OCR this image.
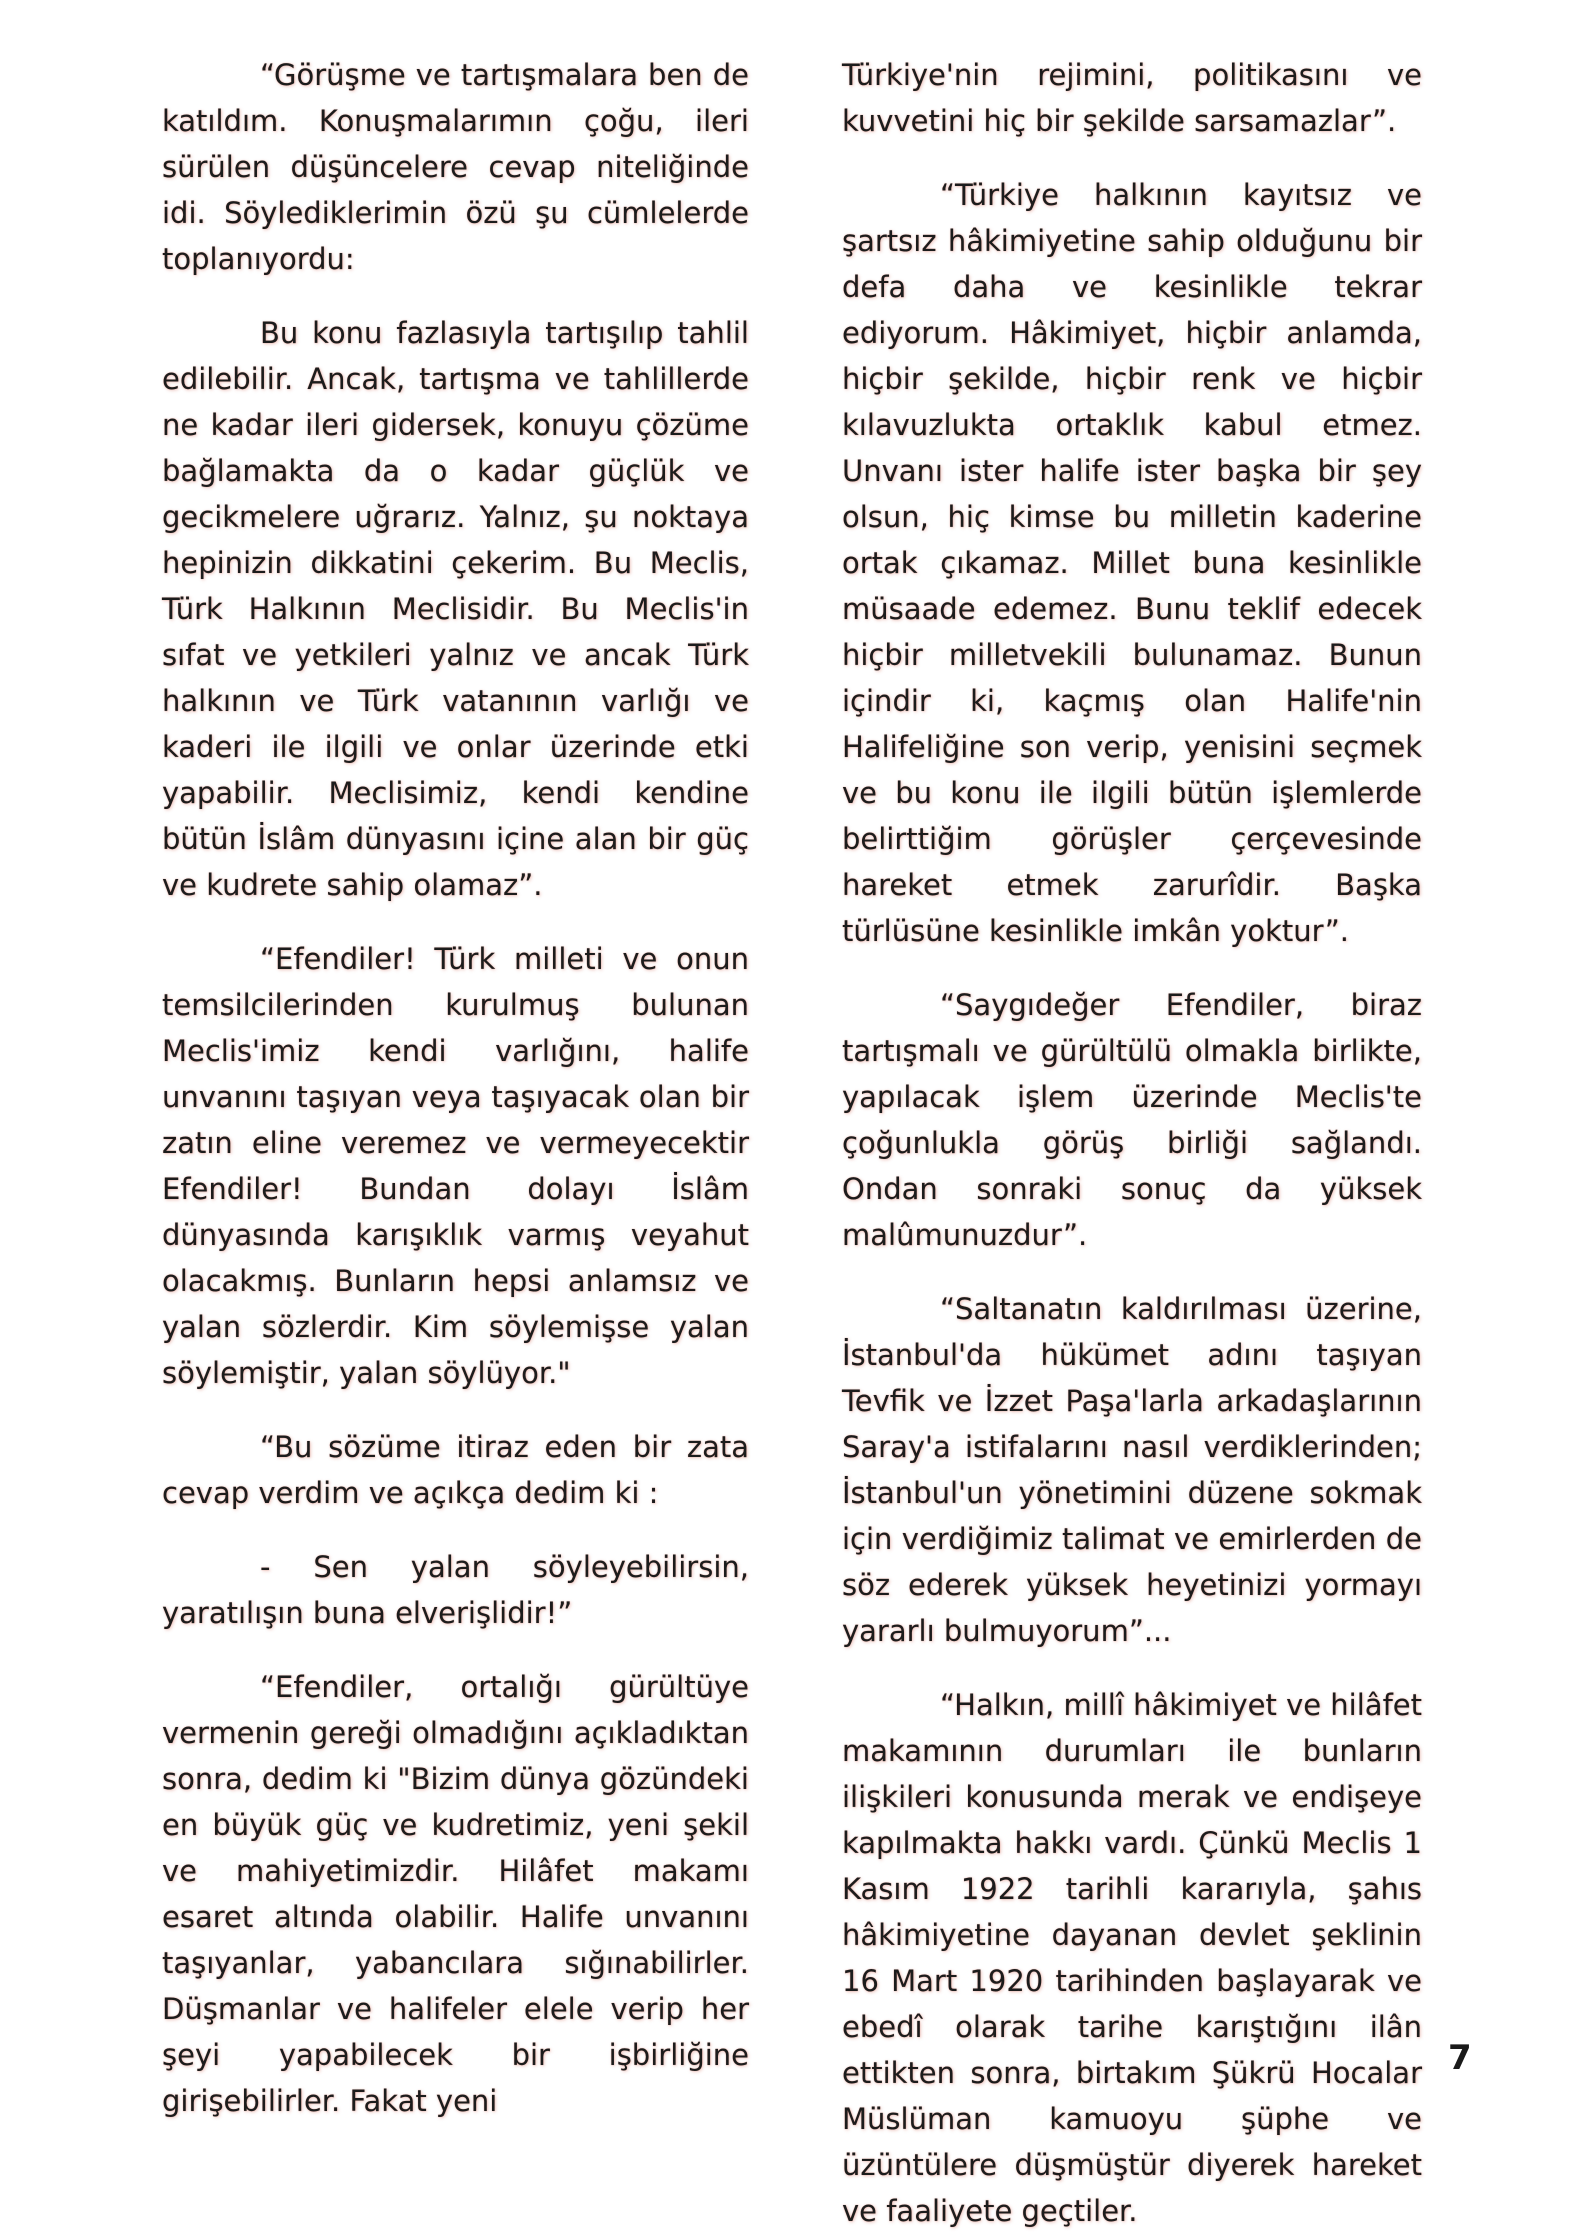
“Görüşme ve tartışmalara ben de katıldım. Konuşmalarımın çoğu, ileri sürülen düşüncelere cevap niteliğinde idi. Söylediklerimin özü şu cümlelerde toplanıyordu:

Bu konu fazlasıyla tartışılıp tahlil edilebilir. Ancak, tartışma ve tahlillerde ne kadar ileri gidersek, konuyu çözüme bağlamakta da o kadar güçlük ve gecikmelere uğrarız. Yalnız, şu noktaya hepinizin dikkatini çekerim. Bu Meclis, Türk Halkının Meclisidir. Bu Meclis'in sıfat ve yetkileri yalnız ve ancak Türk halkının ve Türk vatanının varlığı ve kaderi ile ilgili ve onlar üzerinde etki yapabilir. Meclisimiz, kendi kendine bütün İslâm dünyasını içine alan bir güç ve kudrete sahip olamaz”.

“Efendiler! Türk milleti ve onun temsilcilerinden kurulmuş bulunan Meclis'imiz kendi varlığını, halife unvanını taşıyan veya taşıyacak olan bir zatın eline veremez ve vermeyecektir Efendiler! Bundan dolayı İslâm dünyasında karışıklık varmış veyahut olacakmış. Bunların hepsi anlamsız ve yalan sözlerdir. Kim söylemişse yalan söylemiştir, yalan söylüyor."

“Bu sözüme itiraz eden bir zata cevap verdim ve açıkça dedim ki :

- Sen yalan söyleyebilirsin, yaratılışın buna elverişlidir!”

“Efendiler, ortalığı gürültüye vermenin gereği olmadığını açıkladıktan sonra, dedim ki "Bizim dünya gözündeki en büyük güç ve kudretimiz, yeni şekil ve mahiyetimizdir. Hilâfet makamı esaret altında olabilir. Halife unvanını taşıyanlar, yabancılara sığınabilirler. Düşmanlar ve halifeler elele verip her şeyi yapabilecek bir işbirliğine girişebilirler. Fakat yeni

Türkiye'nin rejimini, politikasını ve kuvvetini hiç bir şekilde sarsamazlar”.

“Türkiye halkının kayıtsız ve şartsız hâkimiyetine sahip olduğunu bir defa daha ve kesinlikle tekrar ediyorum. Hâkimiyet, hiçbir anlamda, hiçbir şekilde, hiçbir renk ve hiçbir kılavuzlukta ortaklık kabul etmez. Unvanı ister halife ister başka bir şey olsun, hiç kimse bu milletin kaderine ortak çıkamaz. Millet buna kesinlikle müsaade edemez. Bunu teklif edecek hiçbir milletvekili bulunamaz. Bunun içindir ki, kaçmış olan Halife'nin Halifeliğine son verip, yenisini seçmek ve bu konu ile ilgili bütün işlemlerde belirttiğim görüşler çerçevesinde hareket etmek zarurîdir. Başka türlüsüne kesinlikle imkân yoktur”.

“Saygıdeğer Efendiler, biraz tartışmalı ve gürültülü olmakla birlikte, yapılacak işlem üzerinde Meclis'te çoğunlukla görüş birliği sağlandı. Ondan sonraki sonuç da yüksek malûmunuzdur”.

“Saltanatın kaldırılması üzerine, İstanbul'da hükümet adını taşıyan Tevfik ve İzzet Paşa'larla arkadaşlarının Saray'a istifalarını nasıl verdiklerinden; İstanbul'un yönetimini düzene sokmak için verdiğimiz talimat ve emirlerden de söz ederek yüksek heyetinizi yormayı yararlı bulmuyorum”...

“Halkın, millî hâkimiyet ve hilâfet makamının durumları ile bunların ilişkileri konusunda merak ve endişeye kapılmakta hakkı vardı. Çünkü Meclis 1 Kasım 1922 tarihli kararıyla, şahıs hâkimiyetine dayanan devlet şeklinin 16 Mart 1920 tarihinden başlayarak ve ebedî olarak tarihe karıştığını ilân ettikten sonra, birtakım Şükrü Hocalar Müslüman kamuoyu şüphe ve üzüntülere düşmüştür diyerek hareket ve faaliyete geçtiler.

7
